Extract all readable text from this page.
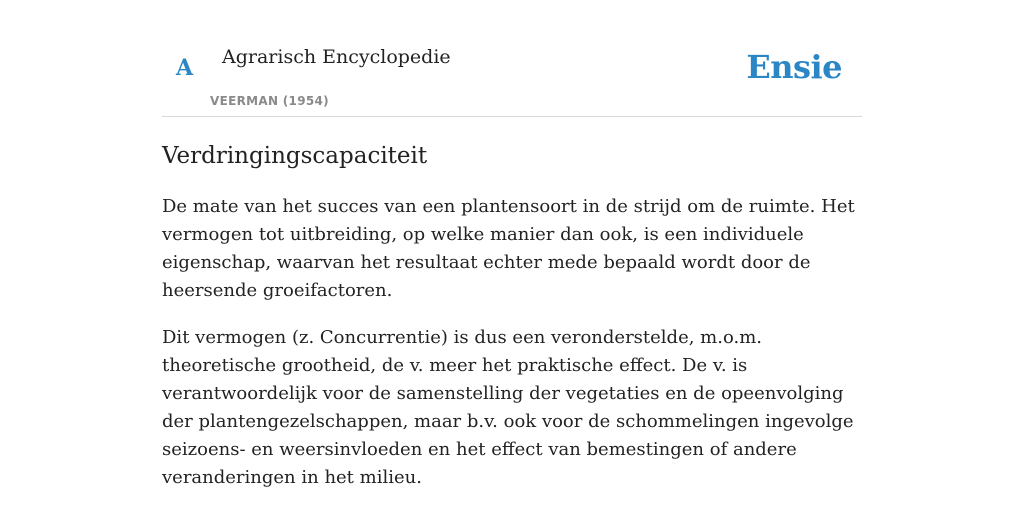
A Agrarisch Encyclopedie
VEERMAN (1954)
Ensie
Verdringingscapaciteit

De mate van het succes van een plantensoort in de strijd om de ruimte. Het vermogen tot uitbreiding, op welke manier dan ook, is een individuele eigenschap, waarvan het resultaat echter mede bepaald wordt door de heersende groeifactoren.

Dit vermogen (z. Concurrentie) is dus een veronderstelde, m.o.m. theoretische grootheid, de v. meer het praktische effect. De v. is verantwoordelijk voor de samenstelling der vegetaties en de opeenvolging der plantengezelschappen, maar b.v. ook voor de schommelingen ingevolge seizoens- en weersinvloeden en het effect van bemestingen of andere veranderingen in het milieu.
